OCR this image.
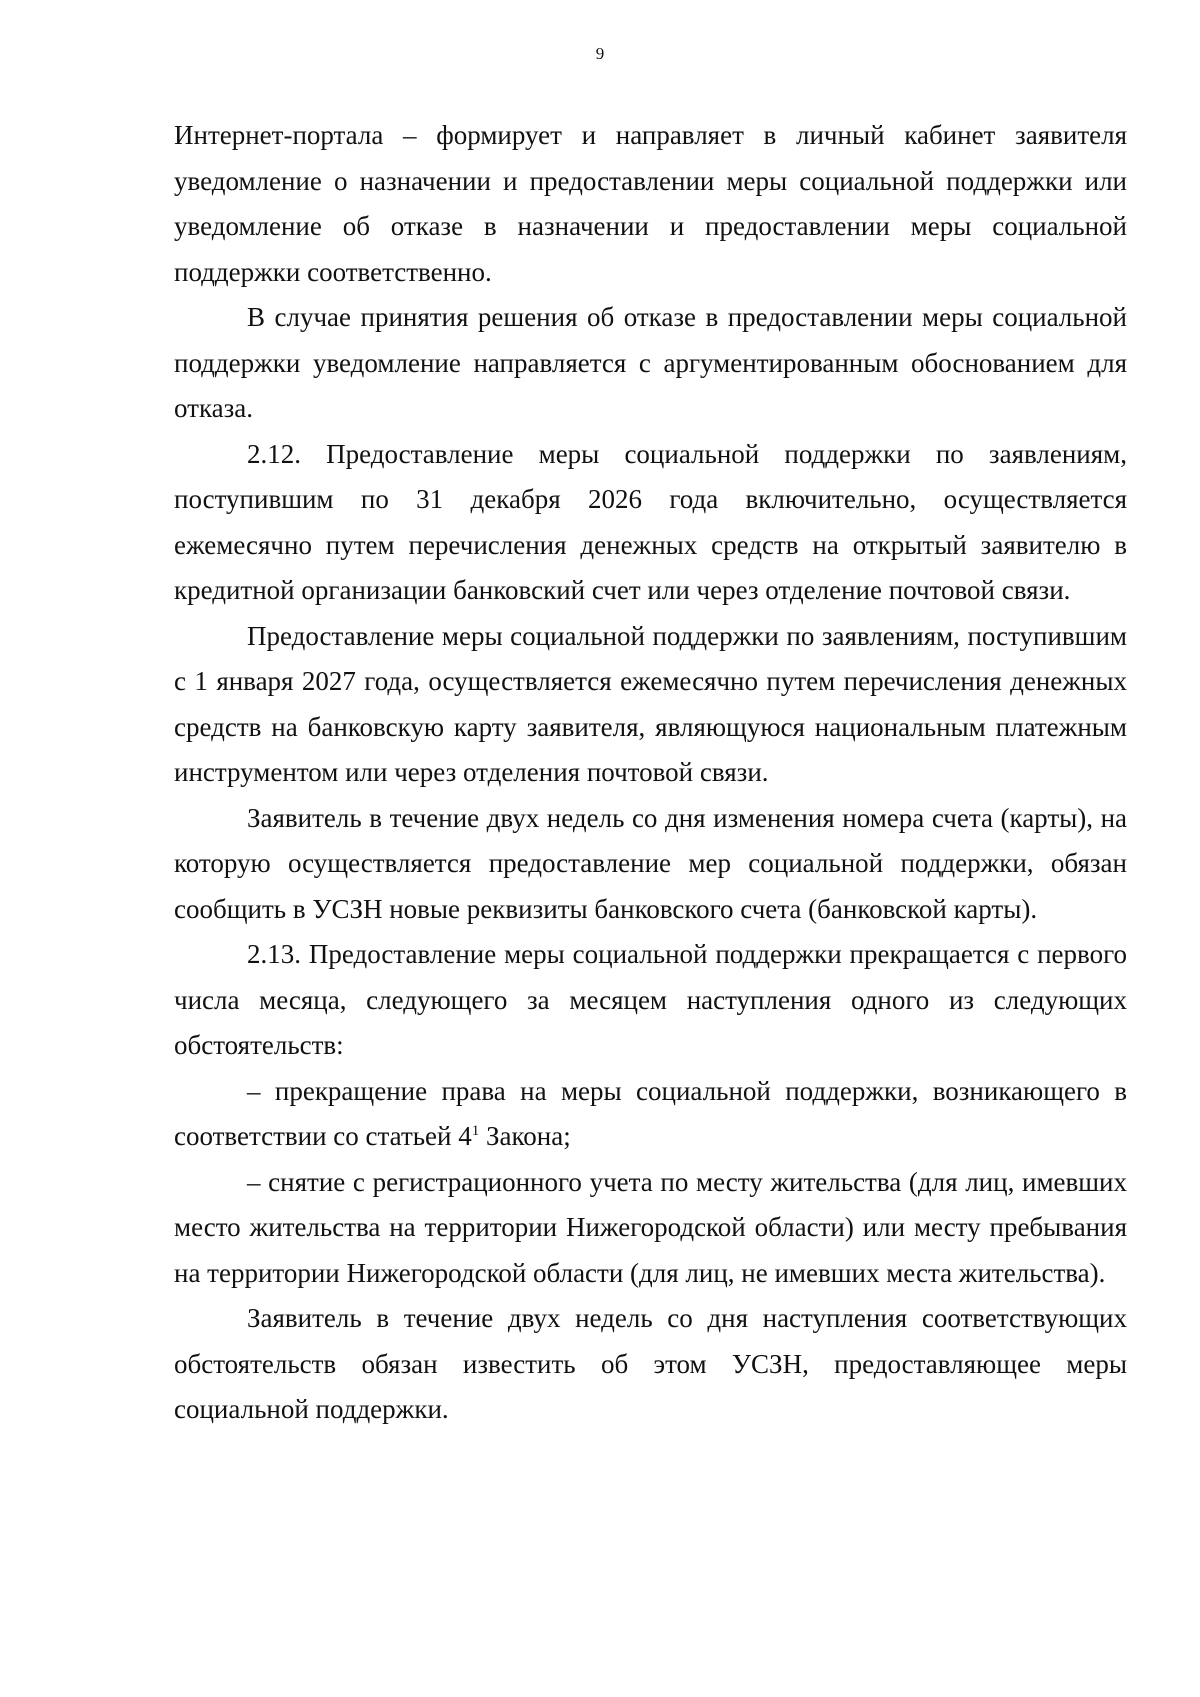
9

Интернет-портала – формирует и направляет в личный кабинет заявителя уведомление о назначении и предоставлении меры социальной поддержки или уведомление об отказе в назначении и предоставлении меры социальной поддержки соответственно.

В случае принятия решения об отказе в предоставлении меры социальной поддержки уведомление направляется с аргументированным обоснованием для отказа.

2.12. Предоставление меры социальной поддержки по заявлениям, поступившим по 31 декабря 2026 года включительно, осуществляется ежемесячно путем перечисления денежных средств на открытый заявителю в кредитной организации банковский счет или через отделение почтовой связи.

Предоставление меры социальной поддержки по заявлениям, поступившим с 1 января 2027 года, осуществляется ежемесячно путем перечисления денежных средств на банковскую карту заявителя, являющуюся национальным платежным инструментом или через отделения почтовой связи.

Заявитель в течение двух недель со дня изменения номера счета (карты), на которую осуществляется предоставление мер социальной поддержки, обязан сообщить в УСЗН новые реквизиты банковского счета (банковской карты).

2.13. Предоставление меры социальной поддержки прекращается с первого числа месяца, следующего за месяцем наступления одного из следующих обстоятельств:

– прекращение права на меры социальной поддержки, возникающего в соответствии со статьей $4^1$ Закона;

– снятие с регистрационного учета по месту жительства (для лиц, имевших место жительства на территории Нижегородской области) или месту пребывания на территории Нижегородской области (для лиц, не имевших места жительства).

Заявитель в течение двух недель со дня наступления соответствующих обстоятельств обязан известить об этом УСЗН, предоставляющее меры социальной поддержки.
